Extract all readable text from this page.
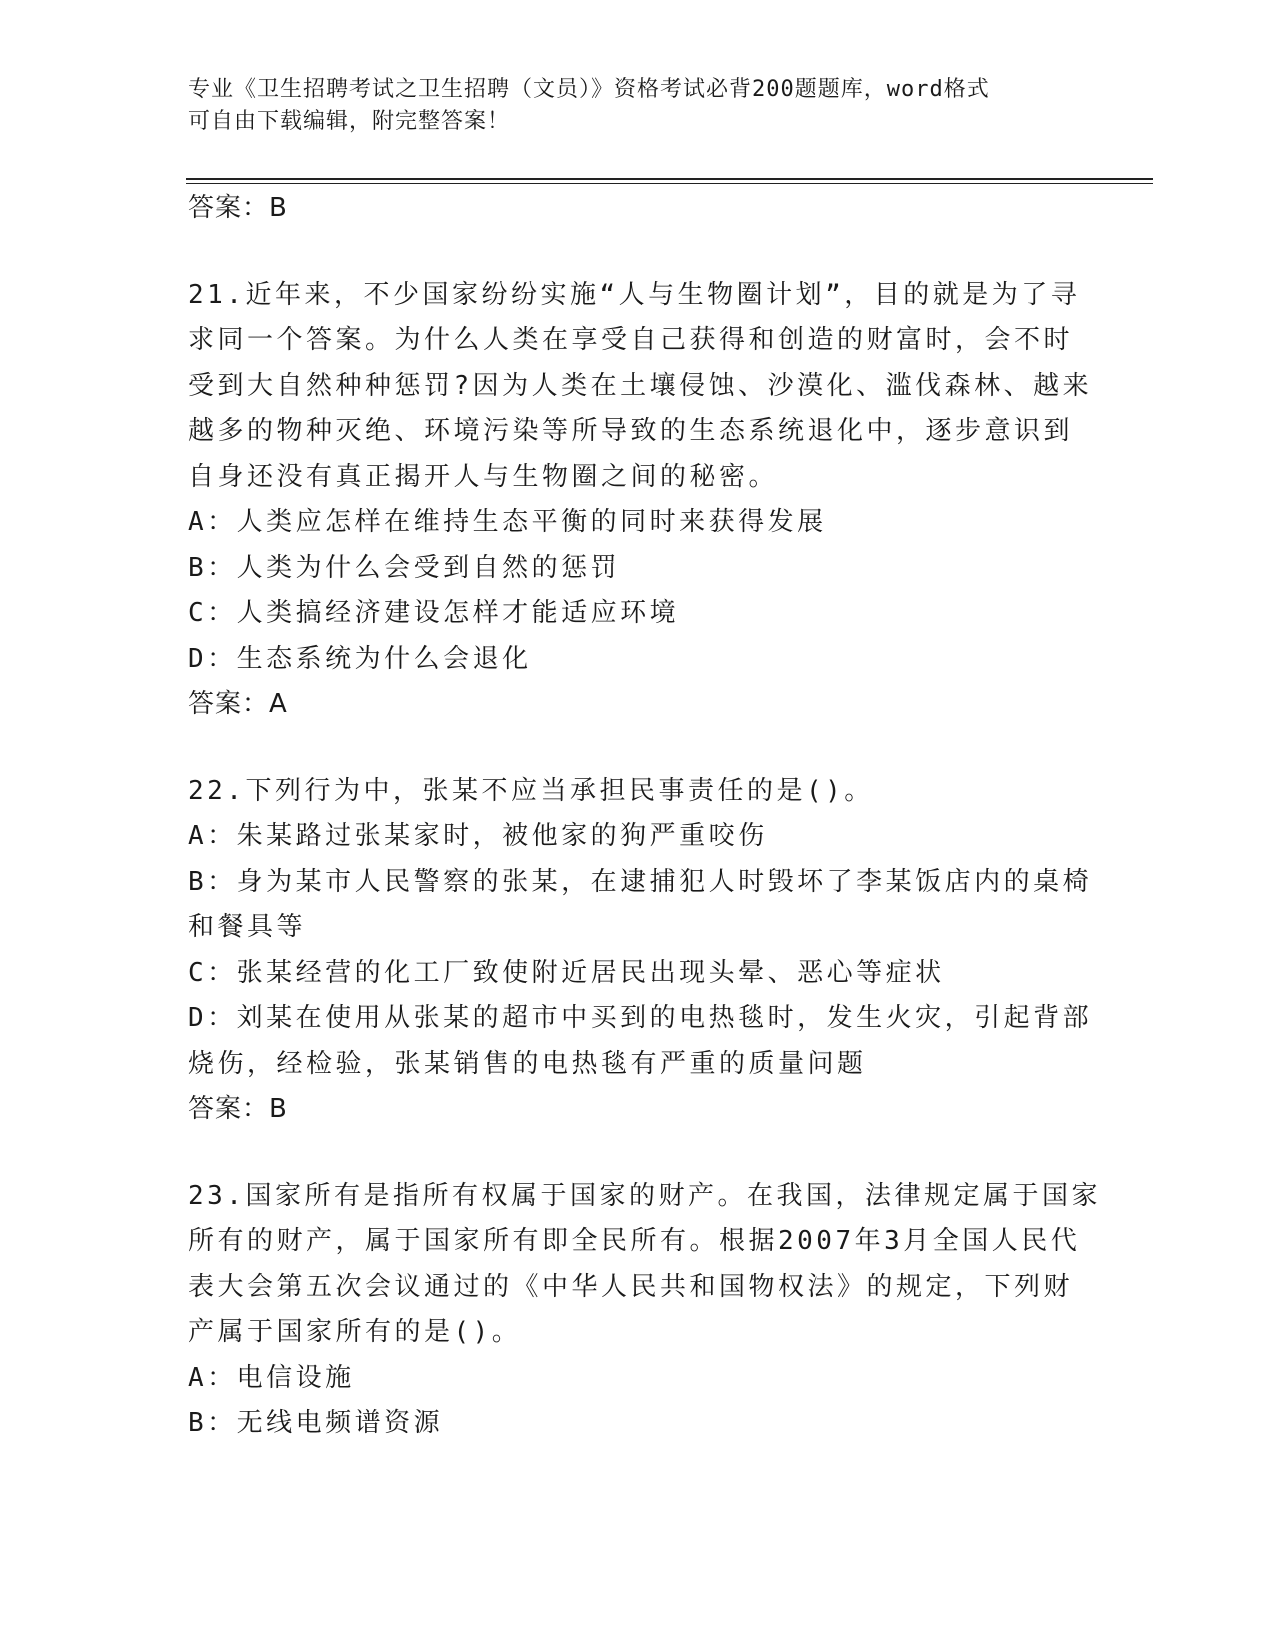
专业《卫生招聘考试之卫生招聘（文员）》资格考试必背200题题库，word格式
可自由下载编辑，附完整答案！
答案：B
21.近年来，不少国家纷纷实施“人与生物圈计划”，目的就是为了寻
求同一个答案。为什么人类在享受自己获得和创造的财富时，会不时
受到大自然种种惩罚?因为人类在土壤侵蚀、沙漠化、滥伐森林、越来
越多的物种灭绝、环境污染等所导致的生态系统退化中，逐步意识到
自身还没有真正揭开人与生物圈之间的秘密。
A：人类应怎样在维持生态平衡的同时来获得发展
B：人类为什么会受到自然的惩罚
C：人类搞经济建设怎样才能适应环境
D：生态系统为什么会退化
答案：A
22.下列行为中，张某不应当承担民事责任的是()。
A：朱某路过张某家时，被他家的狗严重咬伤
B：身为某市人民警察的张某，在逮捕犯人时毁坏了李某饭店内的桌椅
和餐具等
C：张某经营的化工厂致使附近居民出现头晕、恶心等症状
D：刘某在使用从张某的超市中买到的电热毯时，发生火灾，引起背部
烧伤，经检验，张某销售的电热毯有严重的质量问题
答案：B
23.国家所有是指所有权属于国家的财产。在我国，法律规定属于国家
所有的财产，属于国家所有即全民所有。根据2007年3月全国人民代
表大会第五次会议通过的《中华人民共和国物权法》的规定，下列财
产属于国家所有的是()。
A：电信设施
B：无线电频谱资源
